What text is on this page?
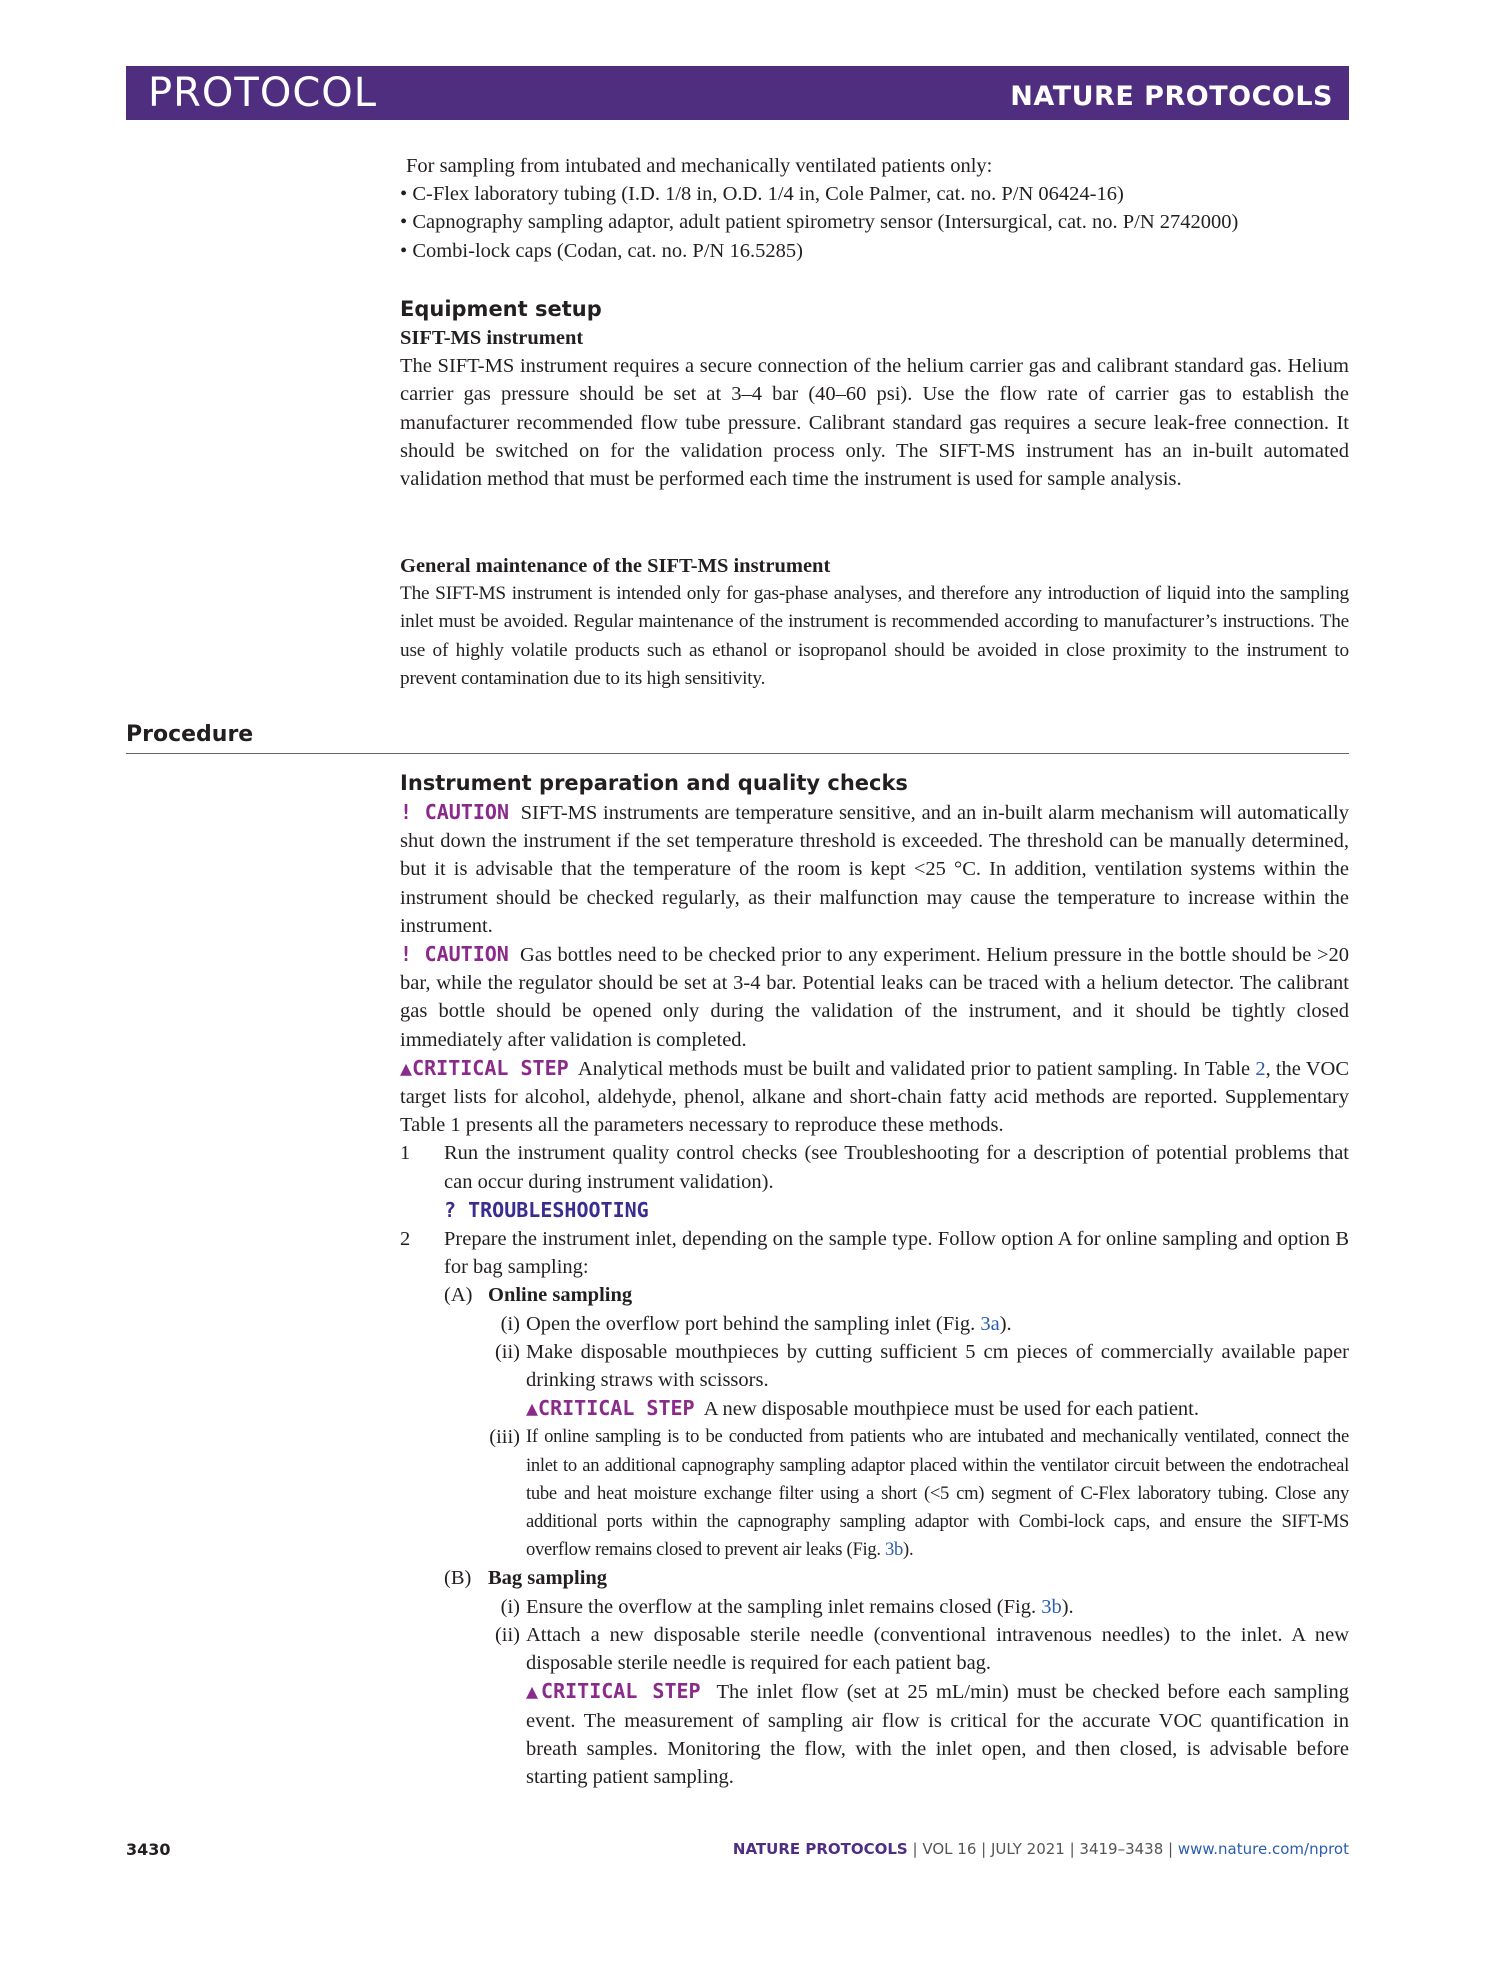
PROTOCOL	NATURE PROTOCOLS

For sampling from intubated and mechanically ventilated patients only:

• C-Flex laboratory tubing (I.D. 1/8 in, O.D. 1/4 in, Cole Palmer, cat. no. P/N 06424-16)

• Capnography sampling adaptor, adult patient spirometry sensor (Intersurgical, cat. no. P/N 2742000)

• Combi-lock caps (Codan, cat. no. P/N 16.5285)

Equipment setup

SIFT-MS instrument

The SIFT-MS instrument requires a secure connection of the helium carrier gas and calibrant standard gas. Helium carrier gas pressure should be set at 3–4 bar (40–60 psi). Use the flow rate of carrier gas to establish the manufacturer recommended flow tube pressure. Calibrant standard gas requires a secure leak-free connection. It should be switched on for the validation process only. The SIFT-MS instrument has an in-built automated validation method that must be performed each time the instrument is used for sample analysis.

General maintenance of the SIFT-MS instrument

The SIFT-MS instrument is intended only for gas-phase analyses, and therefore any introduction of liquid into the sampling inlet must be avoided. Regular maintenance of the instrument is recommended according to manufacturer’s instructions. The use of highly volatile products such as ethanol or isopropanol should be avoided in close proximity to the instrument to prevent contamination due to its high sensitivity.

Procedure

Instrument preparation and quality checks

! CAUTION SIFT-MS instruments are temperature sensitive, and an in-built alarm mechanism will automatically shut down the instrument if the set temperature threshold is exceeded. The threshold can be manually determined, but it is advisable that the temperature of the room is kept <25 °C. In addition, ventilation systems within the instrument should be checked regularly, as their malfunction may cause the temperature to increase within the instrument.

! CAUTION Gas bottles need to be checked prior to any experiment. Helium pressure in the bottle should be >20 bar, while the regulator should be set at 3-4 bar. Potential leaks can be traced with a helium detector. The calibrant gas bottle should be opened only during the validation of the instrument, and it should be tightly closed immediately after validation is completed.

▲CRITICAL STEP Analytical methods must be built and validated prior to patient sampling. In Table 2, the VOC target lists for alcohol, aldehyde, phenol, alkane and short-chain fatty acid methods are reported. Supplementary Table 1 presents all the parameters necessary to reproduce these methods.

1	Run the instrument quality control checks (see Troubleshooting for a description of potential problems that can occur during instrument validation).

? TROUBLESHOOTING

2	Prepare the instrument inlet, depending on the sample type. Follow option A for online sampling and option B for bag sampling:

(A) Online sampling

(i) Open the overflow port behind the sampling inlet (Fig. 3a).

(ii) Make disposable mouthpieces by cutting sufficient 5 cm pieces of commercially available paper drinking straws with scissors.

▲CRITICAL STEP A new disposable mouthpiece must be used for each patient.

(iii) If online sampling is to be conducted from patients who are intubated and mechanically ventilated, connect the inlet to an additional capnography sampling adaptor placed within the ventilator circuit between the endotracheal tube and heat moisture exchange filter using a short (<5 cm) segment of C-Flex laboratory tubing. Close any additional ports within the capnography sampling adaptor with Combi-lock caps, and ensure the SIFT-MS overflow remains closed to prevent air leaks (Fig. 3b).

(B) Bag sampling

(i) Ensure the overflow at the sampling inlet remains closed (Fig. 3b).

(ii) Attach a new disposable sterile needle (conventional intravenous needles) to the inlet. A new disposable sterile needle is required for each patient bag.

▲CRITICAL STEP The inlet flow (set at 25 mL/min) must be checked before each sampling event. The measurement of sampling air flow is critical for the accurate VOC quantification in breath samples. Monitoring the flow, with the inlet open, and then closed, is advisable before starting patient sampling.

3430	NATURE PROTOCOLS | VOL 16 | JULY 2021 | 3419–3438 | www.nature.com/nprot
